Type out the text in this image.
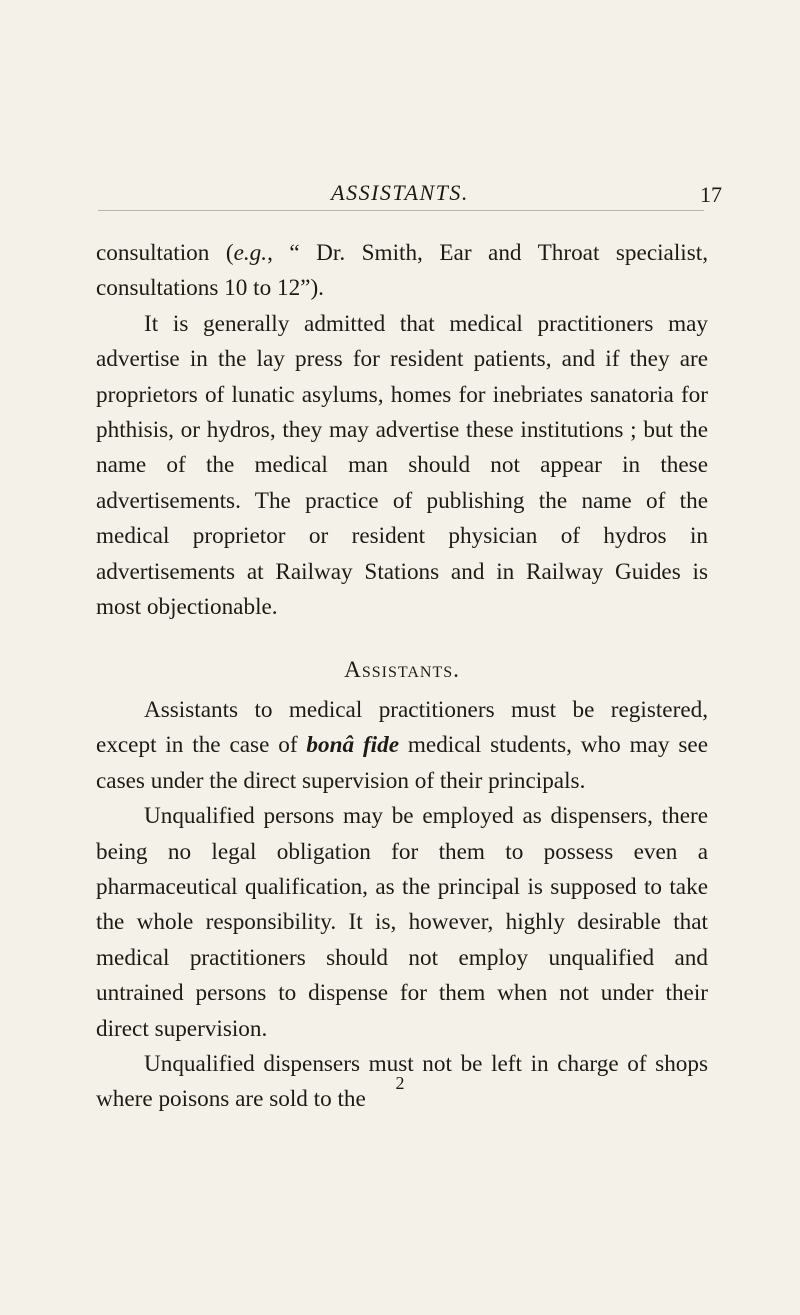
ASSISTANTS.	17

consultation (e.g., “ Dr. Smith, Ear and Throat specialist, consultations 10 to 12”).

It is generally admitted that medical practitioners may advertise in the lay press for resident patients, and if they are proprietors of lunatic asylums, homes for inebriates sanatoria for phthisis, or hydros, they may advertise these institutions ; but the name of the medical man should not appear in these advertisements. The practice of publishing the name of the medical proprietor or resident physician of hydros in advertisements at Railway Stations and in Railway Guides is most objectionable.

Assistants.

Assistants to medical practitioners must be registered, except in the case of bonâ fide medical students, who may see cases under the direct supervision of their principals.

Unqualified persons may be employed as dispensers, there being no legal obligation for them to possess even a pharmaceutical qualification, as the principal is supposed to take the whole responsibility. It is, however, highly desirable that medical practitioners should not employ unqualified and untrained persons to dispense for them when not under their direct supervision.

Unqualified dispensers must not be left in charge of shops where poisons are sold to the

2
